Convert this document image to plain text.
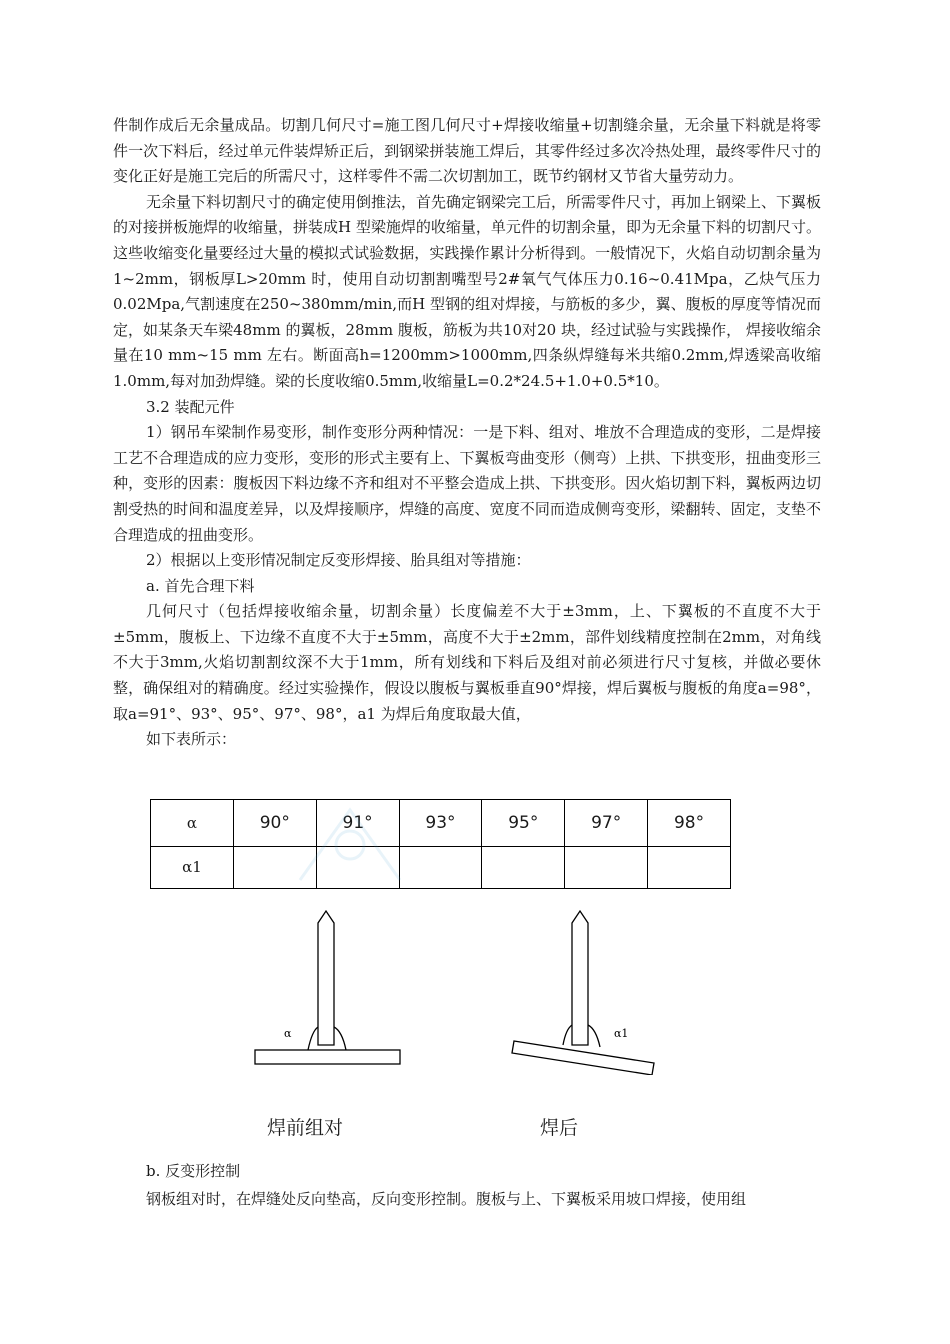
件制作成后无余量成品。切割几何尺寸=施工图几何尺寸+焊接收缩量+切割缝余量，无余量下料就是将零件一次下料后，经过单元件装焊矫正后，到钢梁拼装施工焊后，其零件经过多次冷热处理，最终零件尺寸的变化正好是施工完后的所需尺寸，这样零件不需二次切割加工，既节约钢材又节省大量劳动力。

无余量下料切割尺寸的确定使用倒推法，首先确定钢梁完工后，所需零件尺寸，再加上钢梁上、下翼板的对接拼板施焊的收缩量，拼装成H 型梁施焊的收缩量，单元件的切割余量，即为无余量下料的切割尺寸。这些收缩变化量要经过大量的模拟式试验数据，实践操作累计分析得到。一般情况下，火焰自动切割余量为1~2mm，钢板厚L>20mm 时，使用自动切割割嘴型号2#氧气气体压力0.16~0.41Mpa，乙炔气压力0.02Mpa,气割速度在250~380mm/min,而H 型钢的组对焊接，与筋板的多少，翼、腹板的厚度等情况而定，如某条天车梁48mm 的翼板，28mm 腹板，筋板为共10对20 块，经过试验与实践操作， 焊接收缩余量在10 mm~15 mm 左右。断面高h=1200mm>1000mm,四条纵焊缝每米共缩0.2mm,焊透梁高收缩1.0mm,每对加劲焊缝。梁的长度收缩0.5mm,收缩量L=0.2*24.5+1.0+0.5*10。

3.2 装配元件

1）钢吊车梁制作易变形，制作变形分两种情况：一是下料、组对、堆放不合理造成的变形，二是焊接工艺不合理造成的应力变形，变形的形式主要有上、下翼板弯曲变形（侧弯）上拱、下拱变形，扭曲变形三种，变形的因素：腹板因下料边缘不齐和组对不平整会造成上拱、下拱变形。因火焰切割下料，翼板两边切割受热的时间和温度差异，以及焊接顺序，焊缝的高度、宽度不同而造成侧弯变形，梁翻转、固定，支垫不合理造成的扭曲变形。

2）根据以上变形情况制定反变形焊接、胎具组对等措施：

a. 首先合理下料

几何尺寸（包括焊接收缩余量，切割余量）长度偏差不大于±3mm，上、下翼板的不直度不大于±5mm，腹板上、下边缘不直度不大于±5mm，高度不大于±2mm，部件划线精度控制在2mm，对角线不大于3mm,火焰切割割纹深不大于1mm，所有划线和下料后及组对前必须进行尺寸复核，并做必要休整，确保组对的精确度。经过实验操作，假设以腹板与翼板垂直90°焊接，焊后翼板与腹板的角度a=98°，取a=91°、93°、95°、97°、98°，a1 为焊后角度取最大值，

如下表所示：

α	90°	91°	93°	95°	97°	98°
α1						
α	α1
焊前组对	焊后

b. 反变形控制

钢板组对时，在焊缝处反向垫高，反向变形控制。腹板与上、下翼板采用坡口焊接，使用组
